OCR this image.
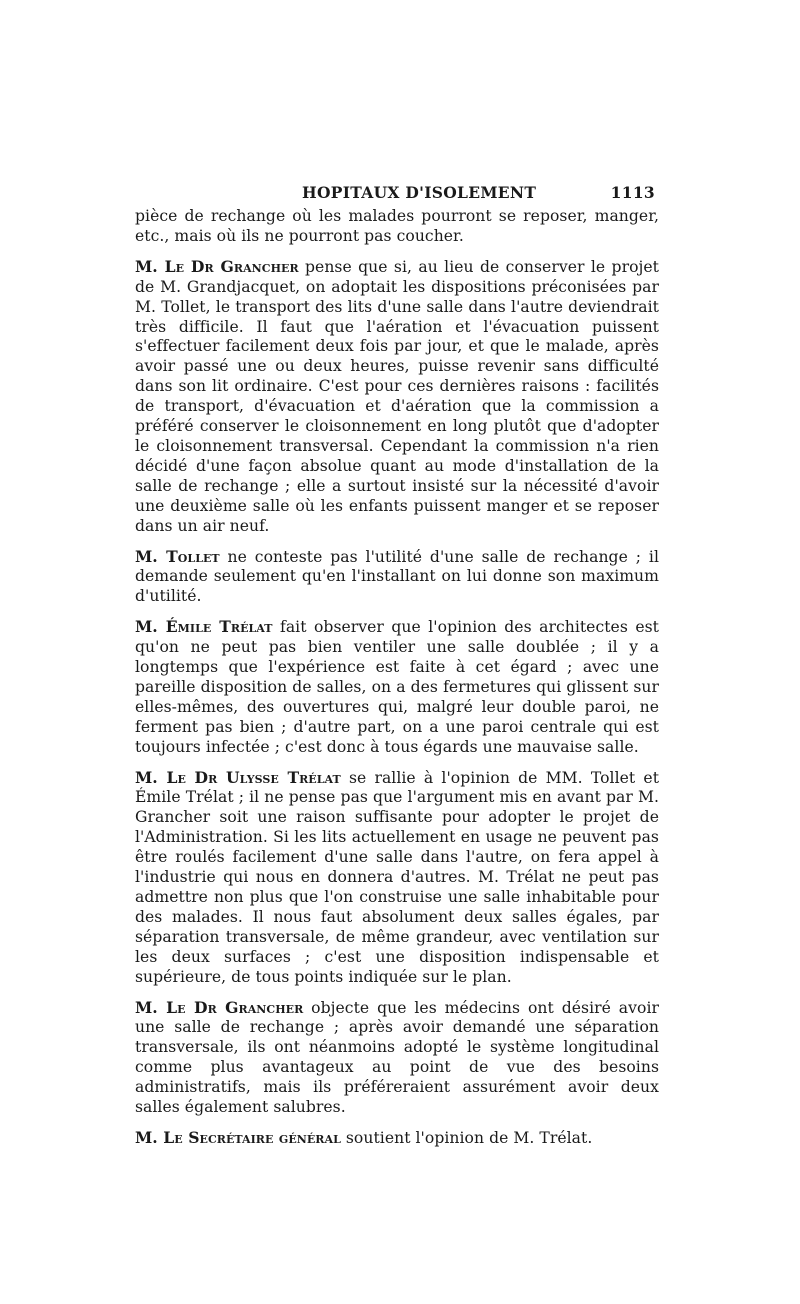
HOPITAUX D'ISOLEMENT	1113

pièce de rechange où les malades pourront se reposer, manger, etc., mais où ils ne pourront pas coucher.

M. Le Dr Grancher pense que si, au lieu de conserver le projet de M. Grandjacquet, on adoptait les dispositions préconisées par M. Tollet, le transport des lits d'une salle dans l'autre deviendrait très difficile. Il faut que l'aération et l'évacuation puissent s'effectuer facilement deux fois par jour, et que le malade, après avoir passé une ou deux heures, puisse revenir sans difficulté dans son lit ordinaire. C'est pour ces dernières raisons : facilités de transport, d'évacuation et d'aération que la commission a préféré conserver le cloisonnement en long plutôt que d'adopter le cloisonnement transversal. Cependant la commission n'a rien décidé d'une façon absolue quant au mode d'installation de la salle de rechange ; elle a surtout insisté sur la nécessité d'avoir une deuxième salle où les enfants puissent manger et se reposer dans un air neuf.

M. Tollet ne conteste pas l'utilité d'une salle de rechange ; il demande seulement qu'en l'installant on lui donne son maximum d'utilité.

M. Émile Trélat fait observer que l'opinion des architectes est qu'on ne peut pas bien ventiler une salle doublée ; il y a longtemps que l'expérience est faite à cet égard ; avec une pareille disposition de salles, on a des fermetures qui glissent sur elles-mêmes, des ouvertures qui, malgré leur double paroi, ne ferment pas bien ; d'autre part, on a une paroi centrale qui est toujours infectée ; c'est donc à tous égards une mauvaise salle.

M. Le Dr Ulysse Trélat se rallie à l'opinion de MM. Tollet et Émile Trélat ; il ne pense pas que l'argument mis en avant par M. Grancher soit une raison suffisante pour adopter le projet de l'Administration. Si les lits actuellement en usage ne peuvent pas être roulés facilement d'une salle dans l'autre, on fera appel à l'industrie qui nous en donnera d'autres. M. Trélat ne peut pas admettre non plus que l'on construise une salle inhabitable pour des malades. Il nous faut absolument deux salles égales, par séparation transversale, de même grandeur, avec ventilation sur les deux surfaces ; c'est une disposition indispensable et supérieure, de tous points indiquée sur le plan.

M. Le Dr Grancher objecte que les médecins ont désiré avoir une salle de rechange ; après avoir demandé une séparation transversale, ils ont néanmoins adopté le système longitudinal comme plus avantageux au point de vue des besoins administratifs, mais ils préféreraient assurément avoir deux salles également salubres.

M. Le Secrétaire général soutient l'opinion de M. Trélat.
